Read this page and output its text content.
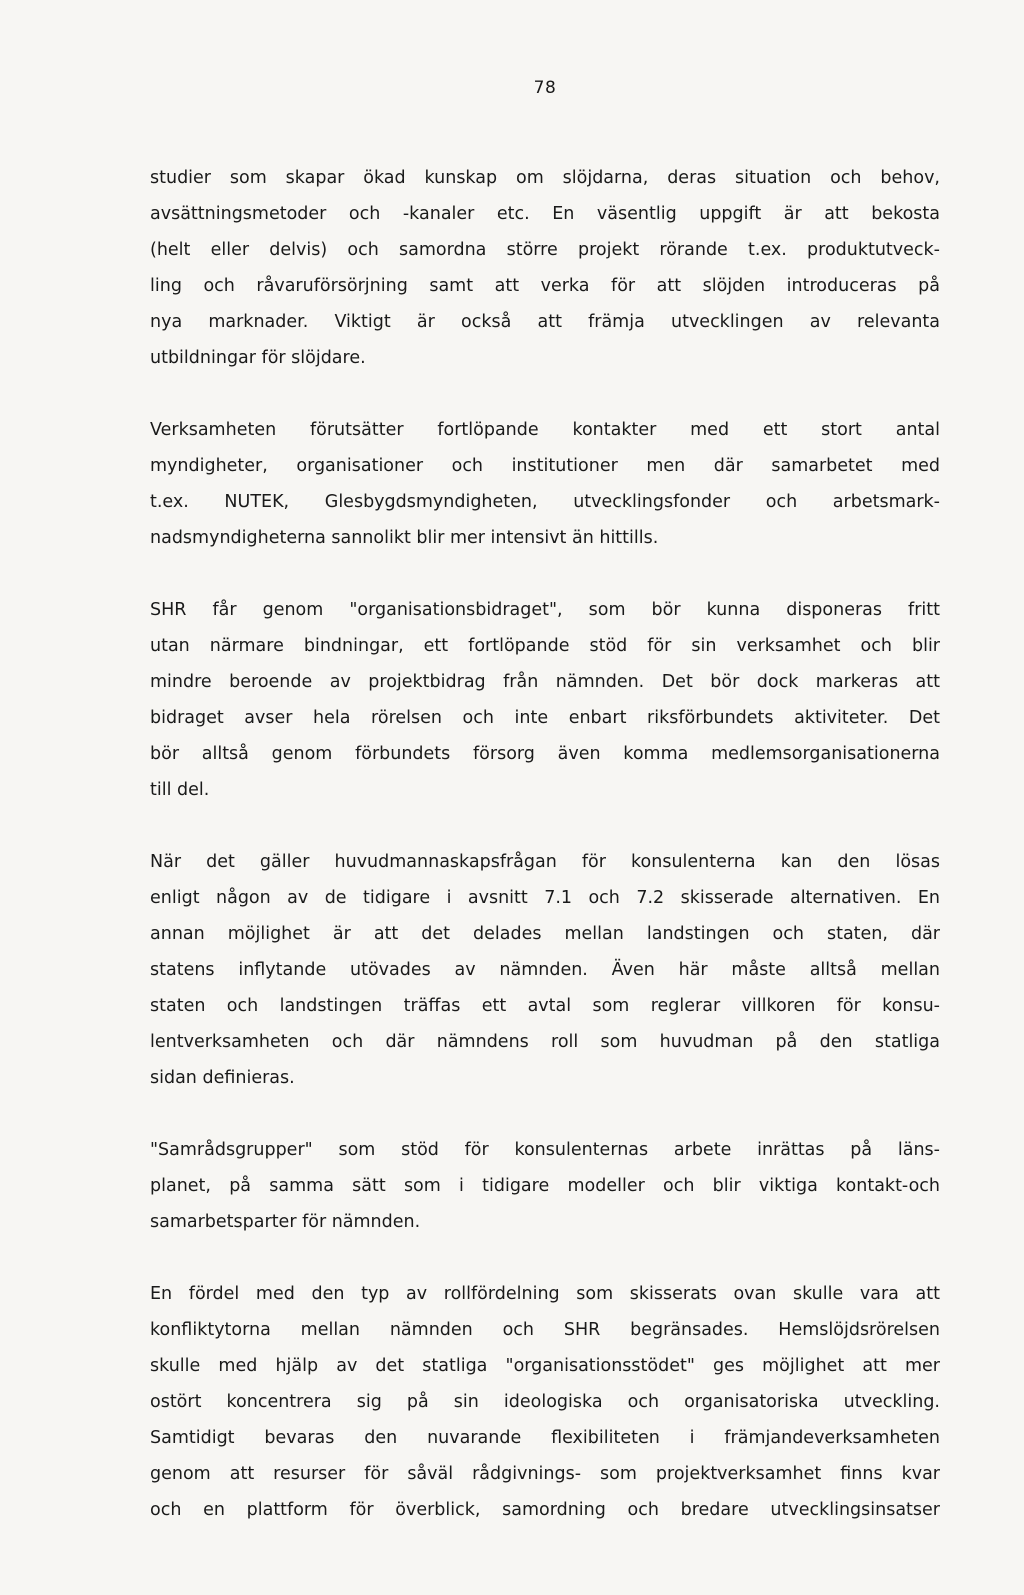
78
studier som skapar ökad kunskap om slöjdarna, deras situation och behov,
avsättningsmetoder och -kanaler etc. En väsentlig uppgift är att bekosta
(helt eller delvis) och samordna större projekt rörande t.ex. produktutveck-
ling och råvaruförsörjning samt att verka för att slöjden introduceras på
nya marknader. Viktigt är också att främja utvecklingen av relevanta
utbildningar för slöjdare.
Verksamheten förutsätter fortlöpande kontakter med ett stort antal
myndigheter, organisationer och institutioner men där samarbetet med
t.ex. NUTEK, Glesbygdsmyndigheten, utvecklingsfonder och arbetsmark-
nadsmyndigheterna sannolikt blir mer intensivt än hittills.
SHR får genom "organisationsbidraget", som bör kunna disponeras fritt
utan närmare bindningar, ett fortlöpande stöd för sin verksamhet och blir
mindre beroende av projektbidrag från nämnden. Det bör dock markeras att
bidraget avser hela rörelsen och inte enbart riksförbundets aktiviteter. Det
bör alltså genom förbundets försorg även komma medlemsorganisationerna
till del.
När det gäller huvudmannaskapsfrågan för konsulenterna kan den lösas
enligt någon av de tidigare i avsnitt 7.1 och 7.2 skisserade alternativen. En
annan möjlighet är att det delades mellan landstingen och staten, där
statens inflytande utövades av nämnden. Även här måste alltså mellan
staten och landstingen träffas ett avtal som reglerar villkoren för konsu-
lentverksamheten och där nämndens roll som huvudman på den statliga
sidan definieras.
"Samrådsgrupper" som stöd för konsulenternas arbete inrättas på läns-
planet, på samma sätt som i tidigare modeller och blir viktiga kontakt-och
samarbetsparter för nämnden.
En fördel med den typ av rollfördelning som skisserats ovan skulle vara att
konfliktytorna mellan nämnden och SHR begränsades. Hemslöjdsrörelsen
skulle med hjälp av det statliga "organisationsstödet" ges möjlighet att mer
ostört koncentrera sig på sin ideologiska och organisatoriska utveckling.
Samtidigt bevaras den nuvarande flexibiliteten i främjandeverksamheten
genom att resurser för såväl rådgivnings- som projektverksamhet finns kvar
och en plattform för överblick, samordning och bredare utvecklingsinsatser
